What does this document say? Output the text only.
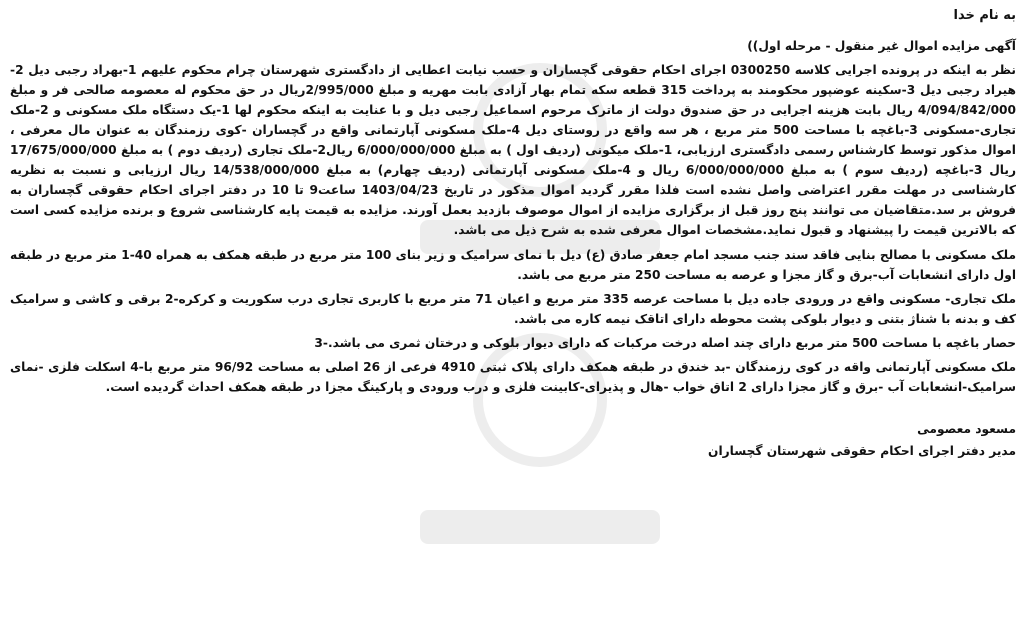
به نام خدا

آگهی مزایده اموال غیر منقول - مرحله اول))

نظر به اینکه در پرونده اجرایی کلاسه 0300250 اجرای احکام حقوقی گچساران و حسب نیابت اعطایی از دادگستری شهرستان چرام محکوم علیهم 1-بهراد رجبی دیل 2-هیراد رجبی دیل 3-سکینه عوضپور محکومند به پرداخت 315 قطعه سکه تمام بهار آزادی بابت مهریه و مبلغ 2/995/000ریال در حق محکوم له معصومه صالحی فر و مبلغ 4/094/842/000 ریال بابت هزینه اجرایی در حق صندوق دولت از ماترک مرحوم اسماعیل رجبی دیل و با عنایت به اینکه محکوم لها 1-یک دستگاه ملک مسکونی و 2-ملک تجاری-مسکونی 3-باغچه با مساحت 500 متر مربع ، هر سه واقع در روستای دیل 4-ملک مسکونی آپارتمانی واقع در گچساران -کوی رزمندگان به عنوان مال معرفی ، اموال مذکور توسط کارشناس رسمی دادگستری ارزیابی، 1-ملک میکونی (ردیف اول ) به مبلغ 6/000/000/000 ریال2-ملک تجاری (ردیف دوم ) به مبلغ 17/675/000/000 ریال 3-باغچه (ردیف سوم ) به مبلغ 6/000/000/000 ریال و 4-ملک مسکونی آپارتمانی (ردیف چهارم) به مبلغ 14/538/000/000 ریال ارزیابی و نسبت به نظریه کارشناسی در مهلت مقرر اعتراضی واصل نشده است فلذا مقرر گردید اموال مذکور در تاریخ 1403/04/23 ساعت9 تا 10 در دفتر اجرای احکام حقوقی گچساران به فروش بر سد.متقاضیان می توانند پنج روز قبل از برگزاری مزایده از اموال موصوف بازدید بعمل آورند. مزایده به قیمت پایه کارشناسی شروع و برنده مزایده کسی است که بالاترین قیمت را پیشنهاد و قبول نماید.مشخصات اموال معرفی شده به شرح ذیل می باشد.

ملک مسکونی با مصالح بنایی فاقد سند جنب مسجد امام جعفر صادق (ع) دیل با نمای سرامیک و زیر بنای 100 متر مربع در طبقه همکف به همراه 40-1 متر مربع در طبقه اول دارای انشعابات آب-برق و گاز مجزا و عرصه به مساحت 250 متر مربع می باشد.

ملک تجاری- مسکونی واقع در ورودی جاده دیل با مساحت عرصه 335 متر مربع و اعیان 71 متر مربع با کاربری تجاری درب سکوریت و کرکره-2 برقی و کاشی و سرامیک کف و بدنه با شناژ بتنی و دیوار بلوکی پشت محوطه دارای اتاقک نیمه کاره می باشد.

حصار باغچه با مساحت 500 متر مربع دارای چند اصله درخت مرکبات که دارای دیوار بلوکی و درختان ثمری می باشد.-3

ملک مسکونی آپارتمانی واقه در کوی رزمندگان -بد خندق در طبقه همکف دارای پلاک ثبتی 4910 فرعی از 26 اصلی به مساحت 96/92 متر مربع با-4 اسکلت فلزی -نمای سرامیک-انشعابات آب -برق و گاز مجزا دارای 2 اتاق خواب -هال و پذیرای-کابینت فلزی و درب ورودی و پارکینگ مجزا در طبقه همکف احداث گردیده است.

مسعود معصومی

مدیر دفتر اجرای احکام حقوقی شهرستان گچساران
